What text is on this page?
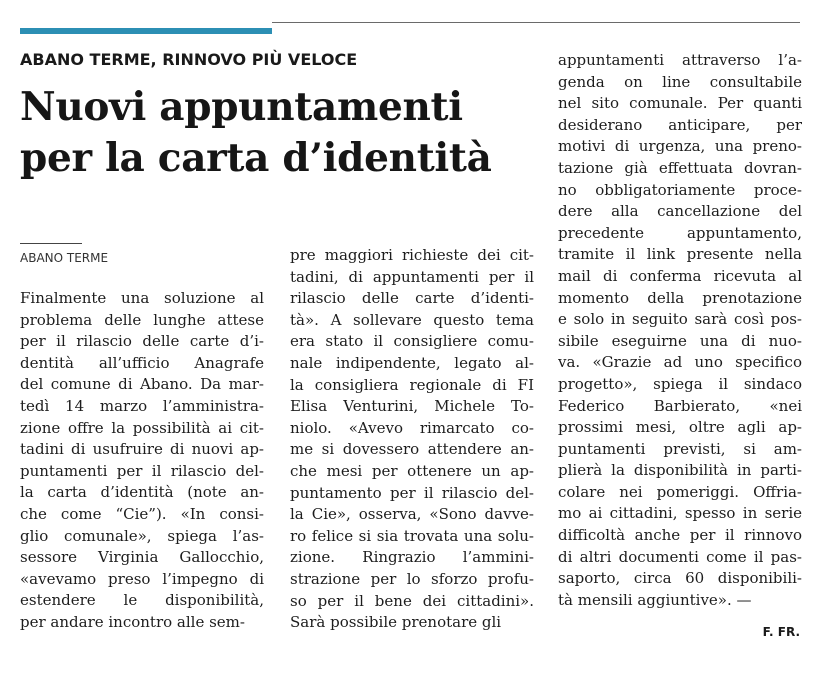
ABANO TERME, RINNOVO PIÙ VELOCE
Nuovi appuntamenti
per la carta d’identità
ABANO TERME
Finalmente una soluzione al
problema delle lunghe attese
per il rilascio delle carte d’i-
dentità all’ufficio Anagrafe
del comune di Abano. Da mar-
tedì 14 marzo l’amministra-
zione offre la possibilità ai cit-
tadini di usufruire di nuovi ap-
puntamenti per il rilascio del-
la carta d’identità (note an-
che come “Cie”). «In consi-
glio comunale», spiega l’as-
sessore Virginia Gallocchio,
«avevamo preso l’impegno di
estendere le disponibilità,
per andare incontro alle sem-
pre maggiori richieste dei cit-
tadini, di appuntamenti per il
rilascio delle carte d’identi-
tà». A sollevare questo tema
era stato il consigliere comu-
nale indipendente, legato al-
la consigliera regionale di FI
Elisa Venturini, Michele To-
niolo. «Avevo rimarcato co-
me si dovessero attendere an-
che mesi per ottenere un ap-
puntamento per il rilascio del-
la Cie», osserva, «Sono davve-
ro felice si sia trovata una solu-
zione. Ringrazio l’ammini-
strazione per lo sforzo profu-
so per il bene dei cittadini».
Sarà possibile prenotare gli
appuntamenti attraverso l’a-
genda on line consultabile
nel sito comunale. Per quanti
desiderano anticipare, per
motivi di urgenza, una preno-
tazione già effettuata dovran-
no obbligatoriamente proce-
dere alla cancellazione del
precedente appuntamento,
tramite il link presente nella
mail di conferma ricevuta al
momento della prenotazione
e solo in seguito sarà così pos-
sibile eseguirne una di nuo-
va. «Grazie ad uno specifico
progetto», spiega il sindaco
Federico Barbierato, «nei
prossimi mesi, oltre agli ap-
puntamenti previsti, si am-
plierà la disponibilità in parti-
colare nei pomeriggi. Offria-
mo ai cittadini, spesso in serie
difficoltà anche per il rinnovo
di altri documenti come il pas-
saporto, circa 60 disponibili-
tà mensili aggiuntive». —
F. FR.
